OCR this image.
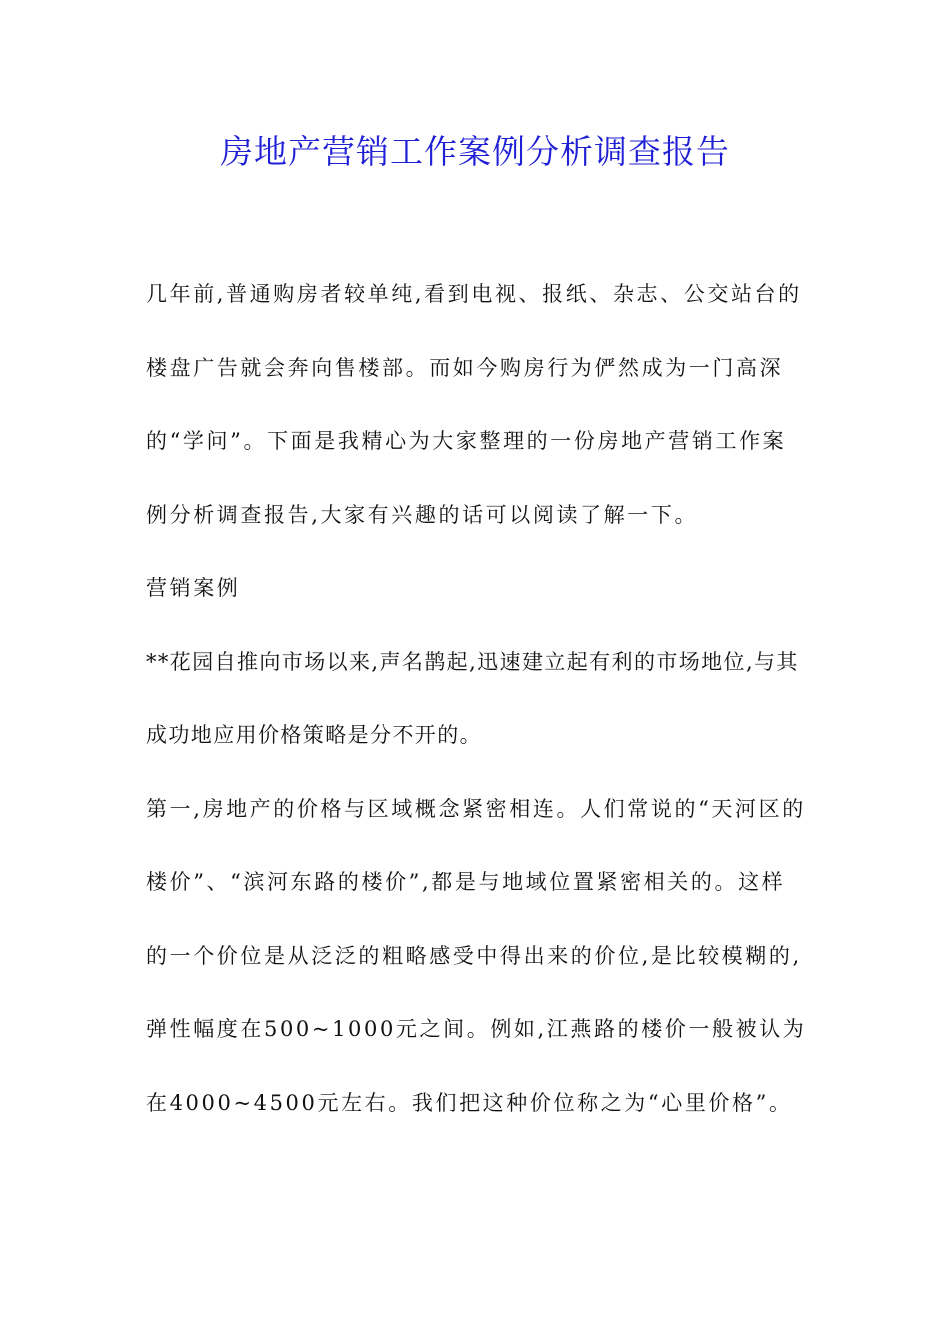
房地产营销工作案例分析调查报告

几年前,普通购房者较单纯,看到电视、报纸、杂志、公交站台的楼盘广告就会奔向售楼部。而如今购房行为俨然成为一门高深的“学问”。下面是我精心为大家整理的一份房地产营销工作案例分析调查报告,大家有兴趣的话可以阅读了解一下。

营销案例

**花园自推向市场以来,声名鹊起,迅速建立起有利的市场地位,与其成功地应用价格策略是分不开的。

第一,房地产的价格与区域概念紧密相连。人们常说的“天河区的楼价”、“滨河东路的楼价”,都是与地域位置紧密相关的。这样的一个价位是从泛泛的粗略感受中得出来的价位,是比较模糊的,弹性幅度在500~1000元之间。例如,江燕路的楼价一般被认为在4000~4500元左右。我们把这种价位称之为“心里价格”。
